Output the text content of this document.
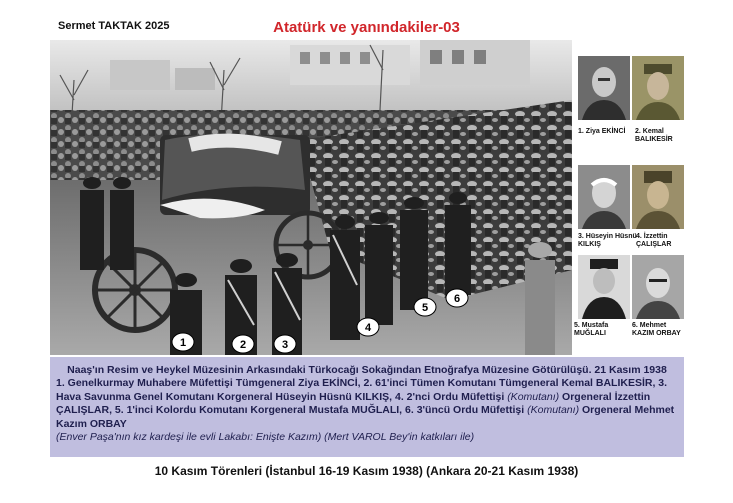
Sermet TAKTAK 2025	Atatürk ve yanındakiler-03
1	2	3
4
5
6
1. Ziya EKİNCİ	2. Kemal BALIKESİR
3. Hüseyin Hüsnü KILKIŞ
4. İzzettin ÇALIŞLAR
5. Mustafa MUĞLALI
6. Mehmet KAZIM ORBAY
Naaş'ın Resim ve Heykel Müzesinin Arkasındaki Türkocağı Sokağından Etnoğrafya Müzesine Götürülüşü. 21 Kasım 1938
1. Genelkurmay Muhabere Müfettişi Tümgeneral Ziya EKİNCİ, 2. 61'inci Tümen Komutanı Tümgeneral Kemal BALIKESİR, 3. Hava Savunma Genel Komutanı Korgeneral Hüseyin Hüsnü KILKIŞ, 4. 2'nci Ordu Müfettişi (Komutanı) Orgeneral İzzettin ÇALIŞLAR, 5. 1'inci Kolordu Komutanı Korgeneral Mustafa MUĞLALI, 6. 3'üncü Ordu Müfettişi (Komutanı) Orgeneral Mehmet Kazım ORBAY
(Enver Paşa'nın kız kardeşi ile evli Lakabı: Enişte Kazım) (Mert VAROL Bey'in katkıları ile)
10 Kasım Törenleri (İstanbul 16-19 Kasım 1938) (Ankara 20-21 Kasım 1938)
